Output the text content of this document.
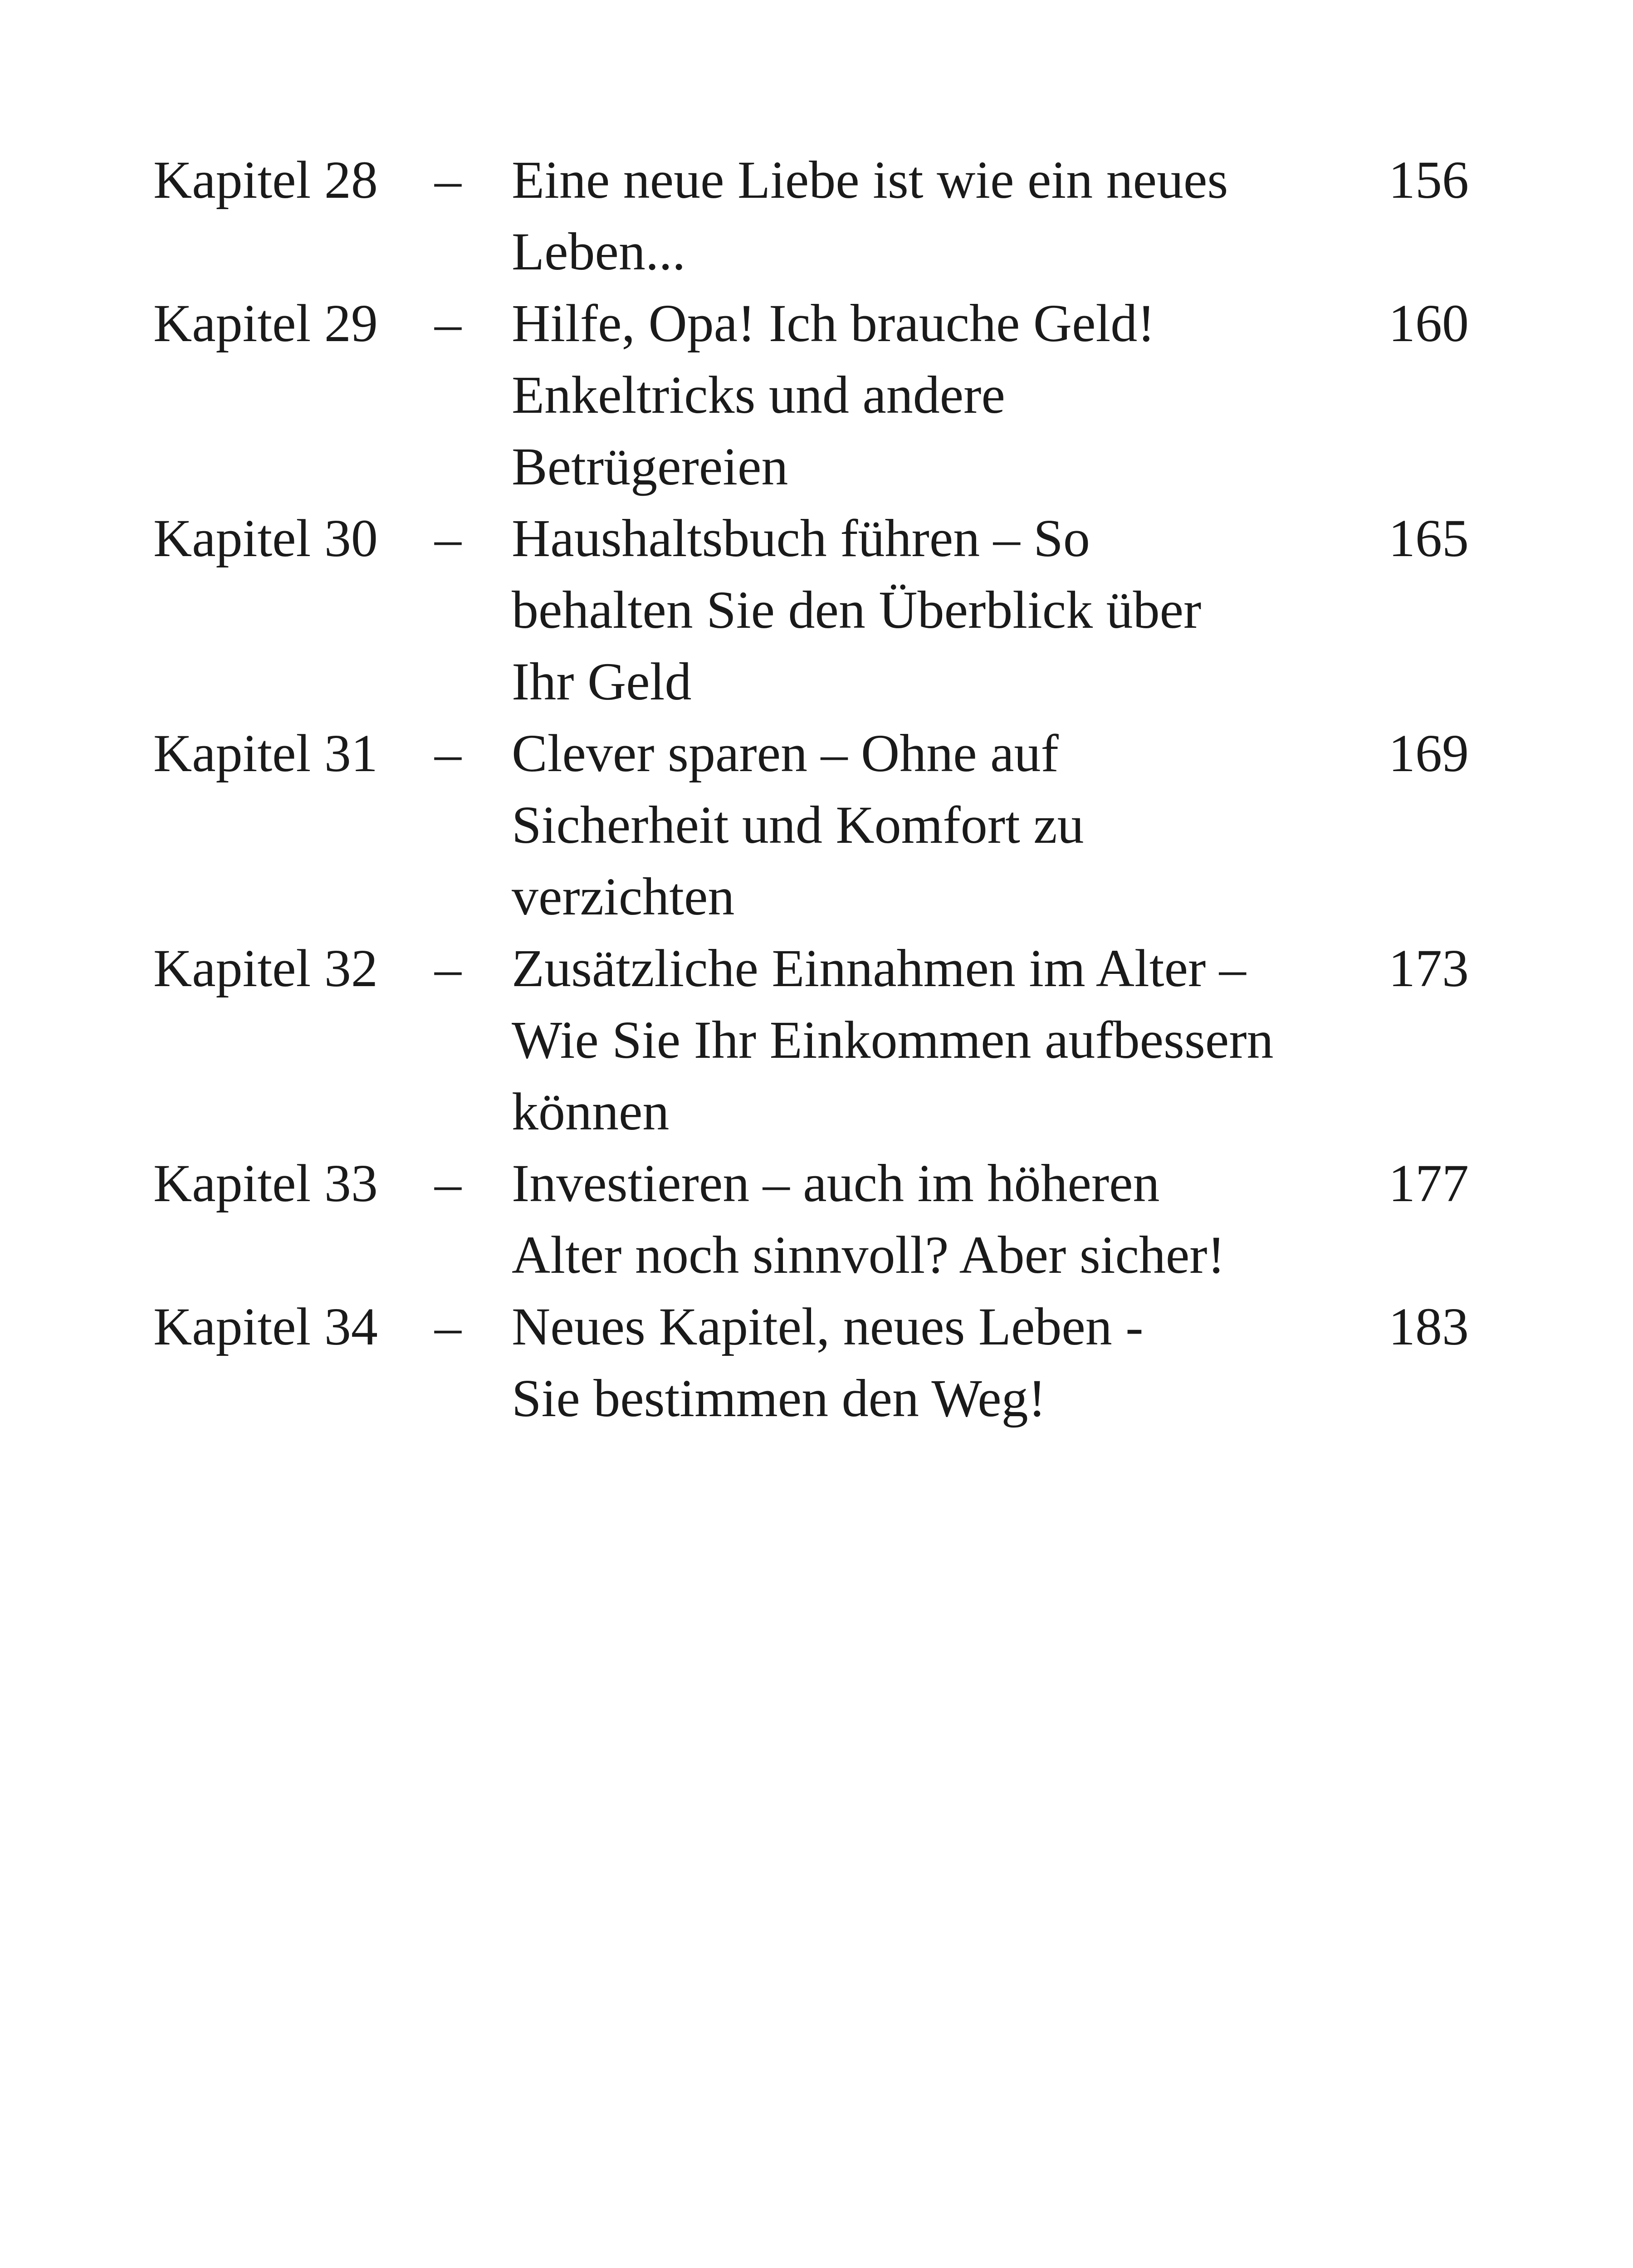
Kapitel 28 – Eine neue Liebe ist wie ein neues
Leben...
156
Kapitel 29 – Hilfe, Opa! Ich brauche Geld!
Enkeltricks und andere
Betrügereien
160
Kapitel 30 – Haushaltsbuch führen – So
behalten Sie den Überblick über
Ihr Geld
165
Kapitel 31 – Clever sparen – Ohne auf
Sicherheit und Komfort zu
verzichten
169
Kapitel 32 – Zusätzliche Einnahmen im Alter –
Wie Sie Ihr Einkommen aufbessern
können
173
Kapitel 33 – Investieren – auch im höheren
Alter noch sinnvoll? Aber sicher!
177
Kapitel 34 – Neues Kapitel, neues Leben -
Sie bestimmen den Weg!
183
